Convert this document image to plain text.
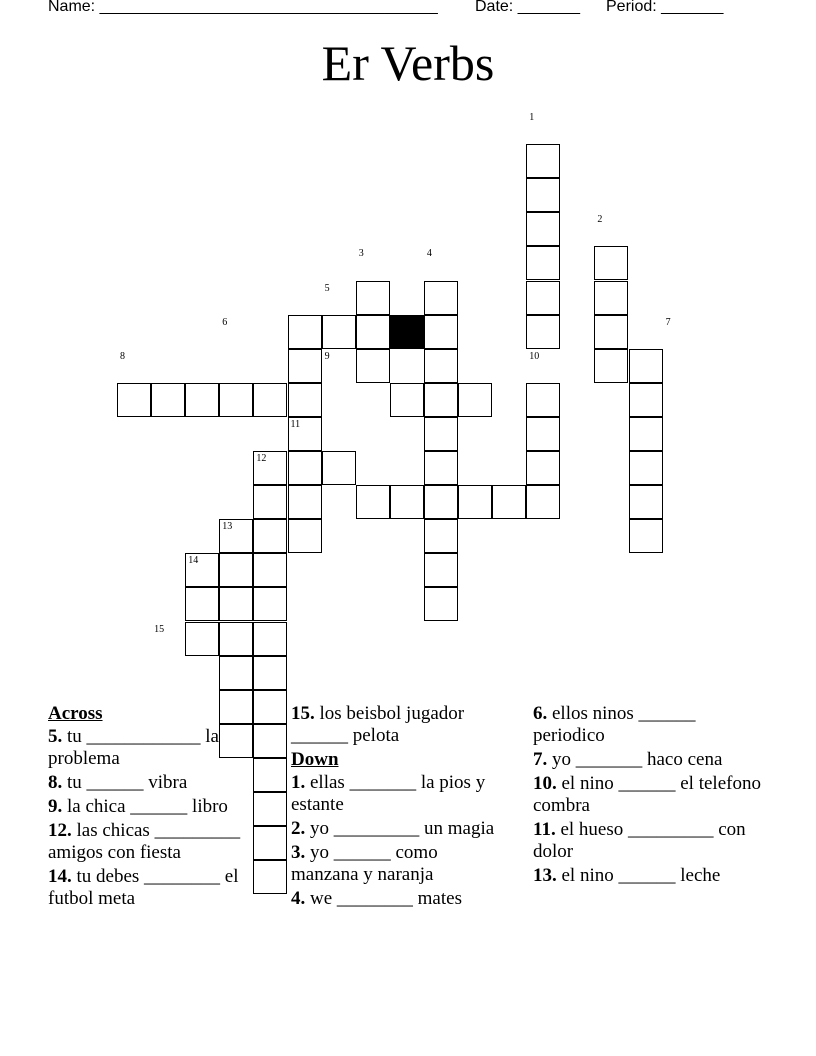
Name: ______________________________________ Date: _______ Period: _______
Er Verbs
1
2
3	4
5
6	7
8	9	10
11
12
13
14
15
Across
5. tu ____________ la problema
8. tu ______ vibra
9. la chica ______ libro
12. las chicas _________ amigos con fiesta
14. tu debes ________ el futbol meta
15. los beisbol jugador ______ pelota
Down
1. ellas _______ la pios y estante
2. yo _________ un magia
3. yo ______ como manzana y naranja
4. we ________ mates
6. ellos ninos ______ periodico
7. yo _______ haco cena
10. el nino ______ el telefono combra
11. el hueso _________ con dolor
13. el nino ______ leche
